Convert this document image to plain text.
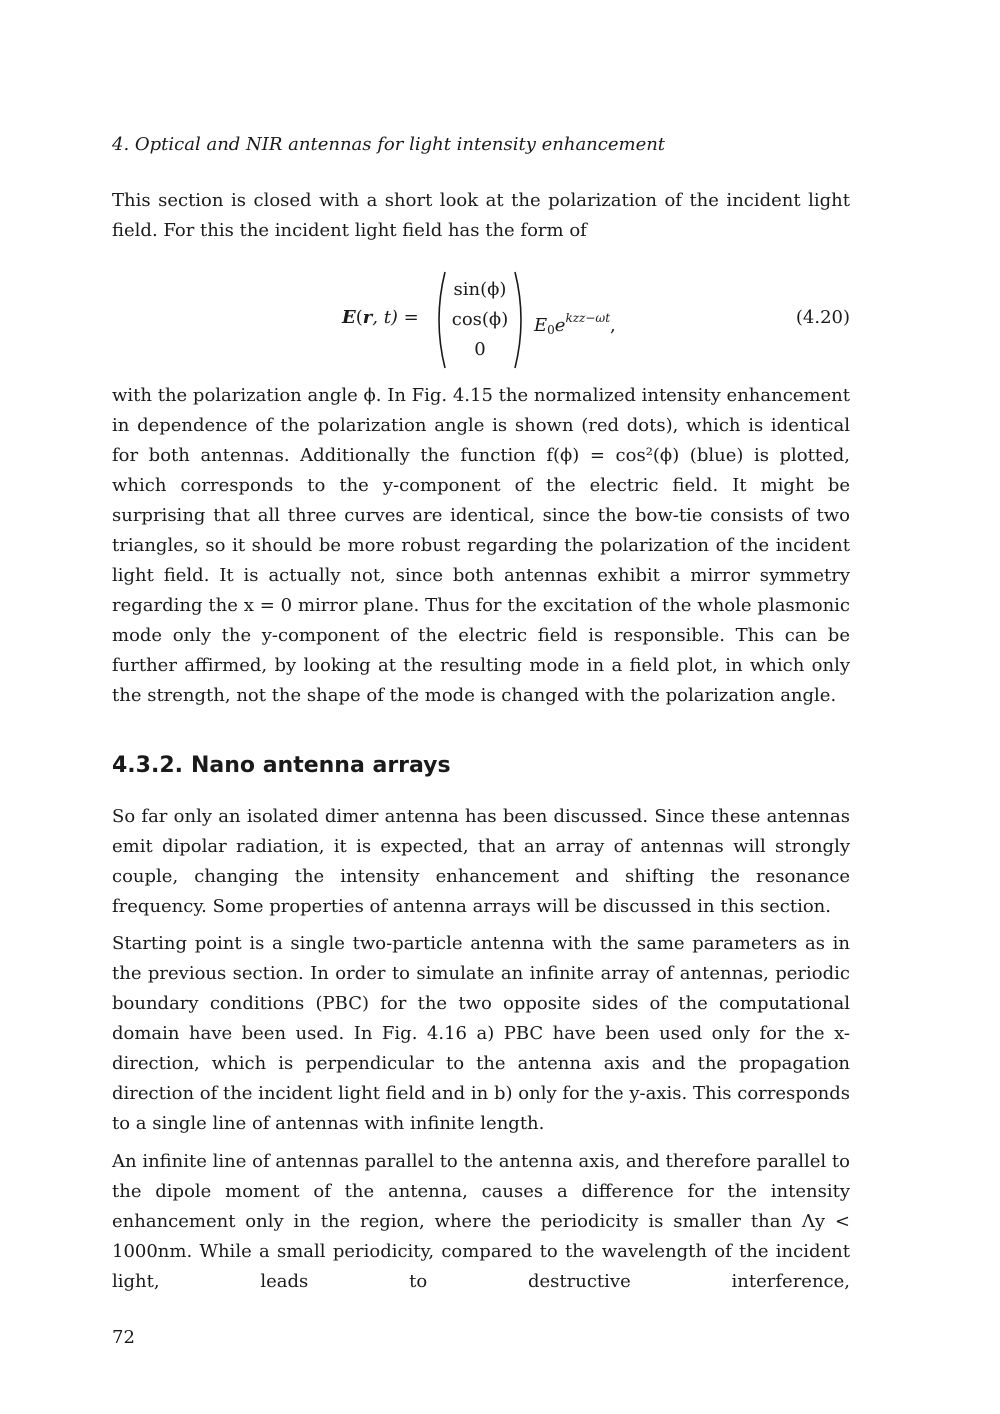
4. Optical and NIR antennas for light intensity enhancement

This section is closed with a short look at the polarization of the incident light field. For this the incident light field has the form of

E(r, t) =
sin(ϕ)
cos(ϕ)
0
$E_0e^{kzz-\omega t}$,	(4.20)

with the polarization angle ϕ. In Fig. 4.15 the normalized intensity enhancement in dependence of the polarization angle is shown (red dots), which is identical for both antennas. Additionally the function f(ϕ) = cos²(ϕ) (blue) is plotted, which corresponds to the y-component of the electric field. It might be surprising that all three curves are identical, since the bow-tie consists of two triangles, so it should be more robust regarding the polarization of the incident light field. It is actually not, since both antennas exhibit a mirror symmetry regarding the x = 0 mirror plane. Thus for the excitation of the whole plasmonic mode only the y-component of the electric field is responsible. This can be further affirmed, by looking at the resulting mode in a field plot, in which only the strength, not the shape of the mode is changed with the polarization angle.

4.3.2. Nano antenna arrays

So far only an isolated dimer antenna has been discussed. Since these antennas emit dipolar radiation, it is expected, that an array of antennas will strongly couple, changing the intensity enhancement and shifting the resonance frequency. Some properties of antenna arrays will be discussed in this section.

Starting point is a single two-particle antenna with the same parameters as in the previous section. In order to simulate an infinite array of antennas, periodic boundary conditions (PBC) for the two opposite sides of the computational domain have been used. In Fig. 4.16 a) PBC have been used only for the x-direction, which is perpendicular to the antenna axis and the propagation direction of the incident light field and in b) only for the y-axis. This corresponds to a single line of antennas with infinite length.

An infinite line of antennas parallel to the antenna axis, and therefore parallel to the dipole moment of the antenna, causes a difference for the intensity enhancement only in the region, where the periodicity is smaller than Λy < 1000nm. While a small periodicity, compared to the wavelength of the incident light, leads to destructive interference,

72
